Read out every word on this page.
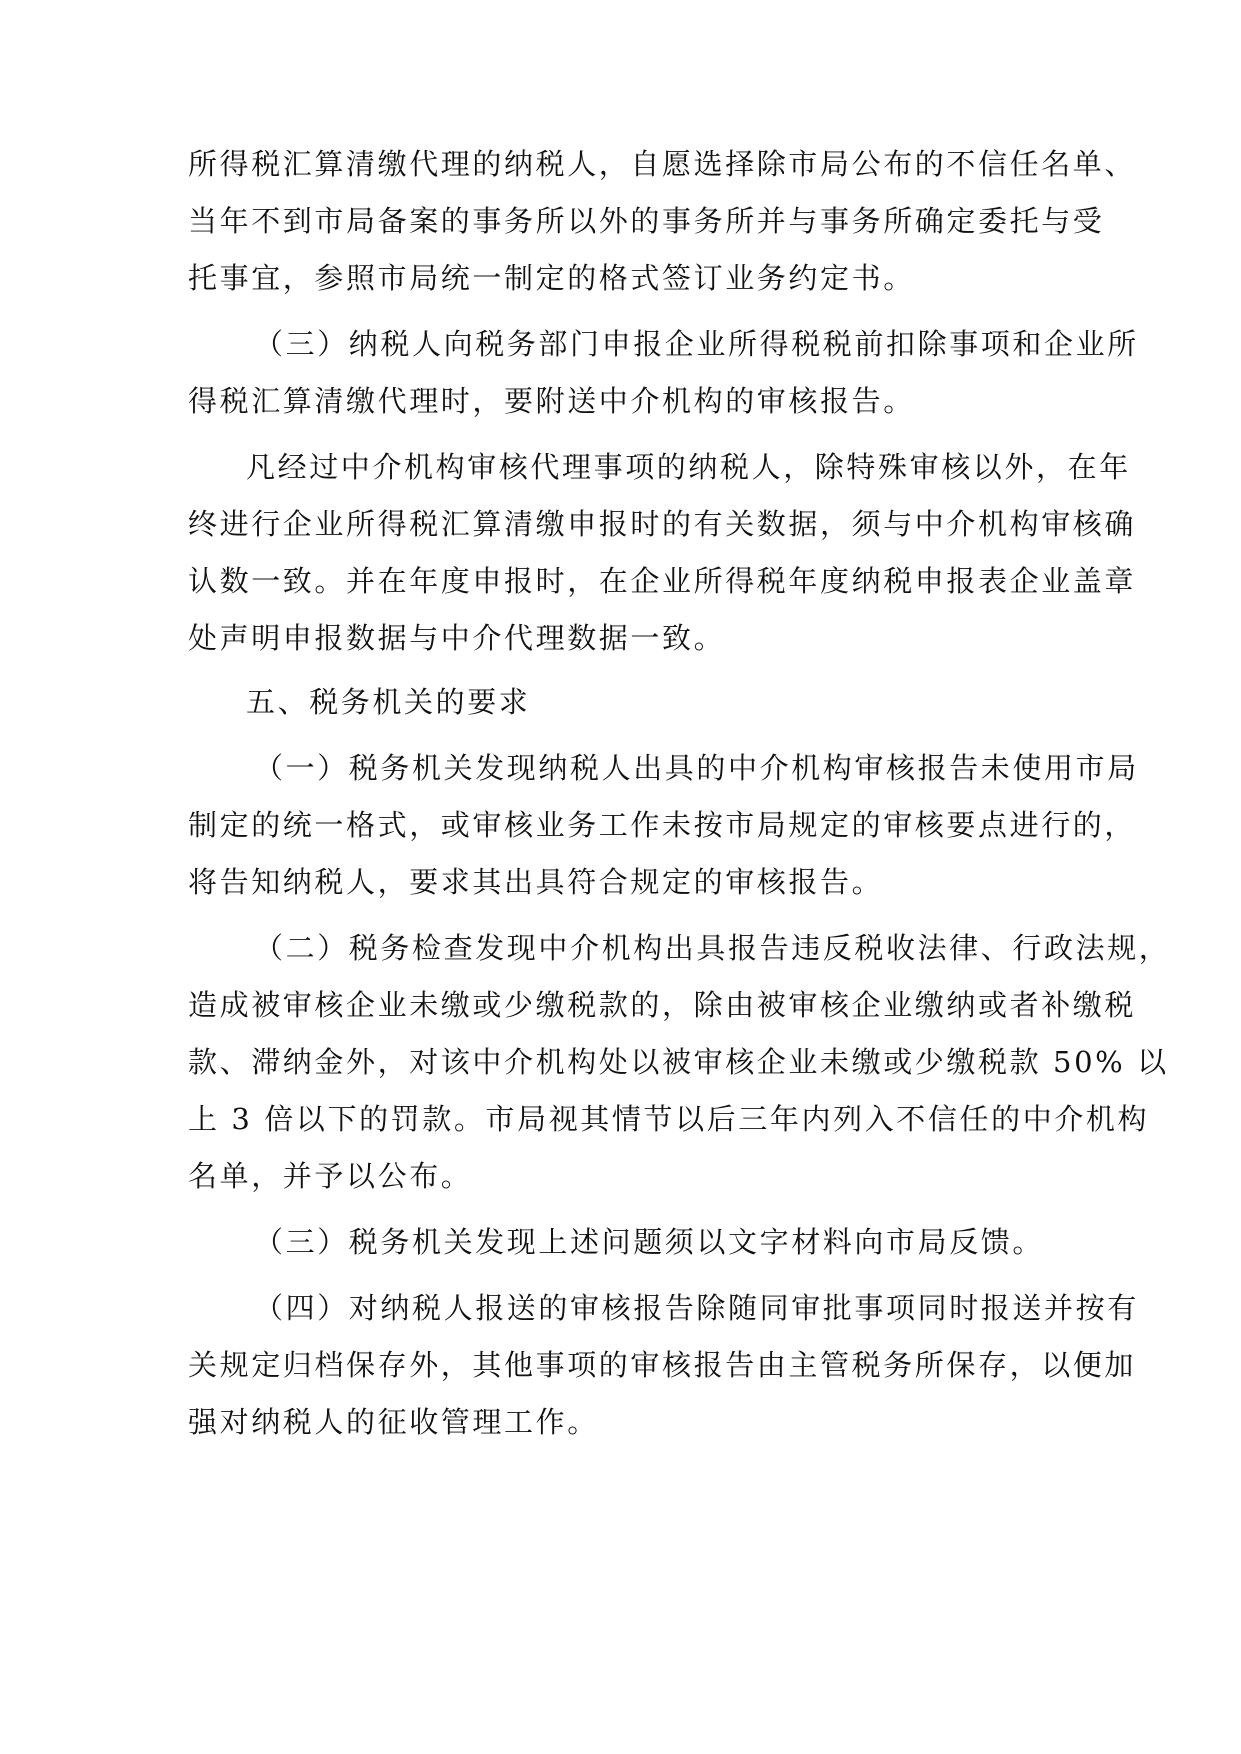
所得税汇算清缴代理的纳税人，自愿选择除市局公布的不信任名单、
当年不到市局备案的事务所以外的事务所并与事务所确定委托与受
托事宜，参照市局统一制定的格式签订业务约定书。
（三）纳税人向税务部门申报企业所得税税前扣除事项和企业所
得税汇算清缴代理时，要附送中介机构的审核报告。
凡经过中介机构审核代理事项的纳税人，除特殊审核以外，在年
终进行企业所得税汇算清缴申报时的有关数据，须与中介机构审核确
认数一致。并在年度申报时，在企业所得税年度纳税申报表企业盖章
处声明申报数据与中介代理数据一致。
五、税务机关的要求
（一）税务机关发现纳税人出具的中介机构审核报告未使用市局
制定的统一格式，或审核业务工作未按市局规定的审核要点进行的，
将告知纳税人，要求其出具符合规定的审核报告。
（二）税务检查发现中介机构出具报告违反税收法律、行政法规，
造成被审核企业未缴或少缴税款的，除由被审核企业缴纳或者补缴税
款、滞纳金外，对该中介机构处以被审核企业未缴或少缴税款 50% 以
上 3 倍以下的罚款。市局视其情节以后三年内列入不信任的中介机构
名单，并予以公布。
（三）税务机关发现上述问题须以文字材料向市局反馈。
（四）对纳税人报送的审核报告除随同审批事项同时报送并按有
关规定归档保存外，其他事项的审核报告由主管税务所保存，以便加
强对纳税人的征收管理工作。
